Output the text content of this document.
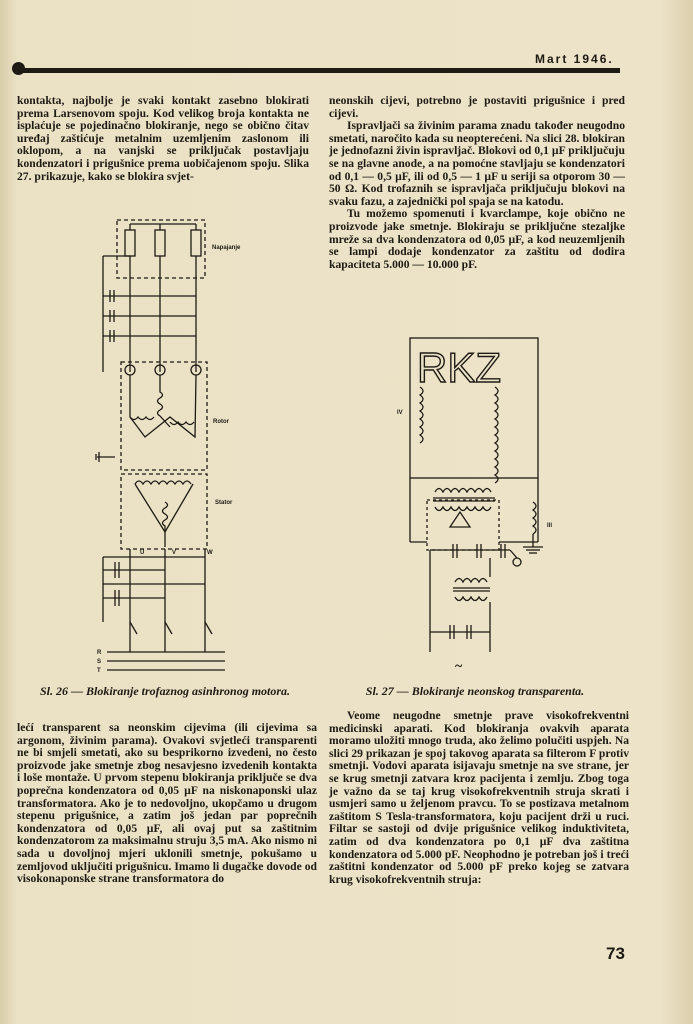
Mart 1946.

kontakta, najbolje je svaki kontakt zasebno blokirati prema Larsenovom spoju. Kod velikog broja kontakta ne isplaćuje se pojedinačno blokiranje, nego se obično čitav uređaj zaštićuje metalnim uzemljenim zaslonom ili oklopom, a na vanjski se priključak postavljaju kondenzatori i prigušnice prema uobičajenom spoju. Slika 27. prikazuje, kako se blokira svjet-

neonskih cijevi, potrebno je postaviti prigušnice i pred cijevi.

Ispravljači sa živinim parama znadu također neugodno smetati, naročito kada su neopterećeni. Na slici 28. blokiran je jednofazni živin ispravljač. Blokovi od 0,1 µF priključuju se na glavne anode, a na pomoćne stavljaju se kondenzatori od 0,1 — 0,5 µF, ili od 0,5 — 1 µF u seriji sa otporom 30 — 50 Ω. Kod trofaznih se ispravljača priključuju blokovi na svaku fazu, a zajednički pol spaja se na katodu.

Tu možemo spomenuti i kvarclampe, koje obično ne proizvode jake smetnje. Blokiraju se priključne stezaljke mreže sa dva kondenzatora od 0,05 µF, a kod neuzemljenih se lampi dodaje kondenzator za zaštitu od dodira kapaciteta 5.000 — 10.000 pF.

Napajanje
Rotor
Stator
U	V	W
R
S
T
RKZ
IV
Ill
~
Sl. 26 — Blokiranje trofaznog asinhronog motora.	Sl. 27 — Blokiranje neonskog transparenta.

lećí transparent sa neonskim cijevima (ili cijevima sa argonom, živinim parama). Ovakovi svjetleći transparenti ne bi smjeli smetati, ako su besprikorno izvedeni, no često proizvode jake smetnje zbog nesavjesno izvedenih kontakta i loše montaže. U prvom stepenu blokiranja priključe se dva poprečna kondenzatora od 0,05 µF na niskonaponski ulaz transformatora. Ako je to nedovoljno, ukopčamo u drugom stepenu prigušnice, a zatim još jedan par poprečnih kondenzatora od 0,05 µF, ali ovaj put sa zaštitnim kondenzatorom za maksimalnu struju 3,5 mA. Ako nismo ni sada u dovoljnoj mjeri uklonili smetnje, pokušamo u zemljovod uključiti prigušnicu. Imamo li dugačke dovode od visokonaponske strane transformatora do

Veome neugodne smetnje prave visokofrekventni medicinski aparati. Kod blokiranja ovakvih aparata moramo uložiti mnogo truda, ako želimo polučiti uspjeh. Na slici 29 prikazan je spoj takovog aparata sa filterom F protiv smetnji. Vodovi aparata isijavaju smetnje na sve strane, jer se krug smetnji zatvara kroz pacijenta i zemlju. Zbog toga je važno da se taj krug visokofrekventnih struja skrati i usmjeri samo u željenom pravcu. To se postizava metalnom zaštitom S Tesla-transformatora, koju pacijent drži u ruci. Filtar se sastoji od dvije prigušnice velikog induktiviteta, zatim od dva kondenzatora po 0,1 µF dva zaštitna kondenzatora od 5.000 pF. Neophodno je potreban još i treći zaštitni kondenzator od 5.000 pF preko kojeg se zatvara krug visokofrekventnih struja:

73
